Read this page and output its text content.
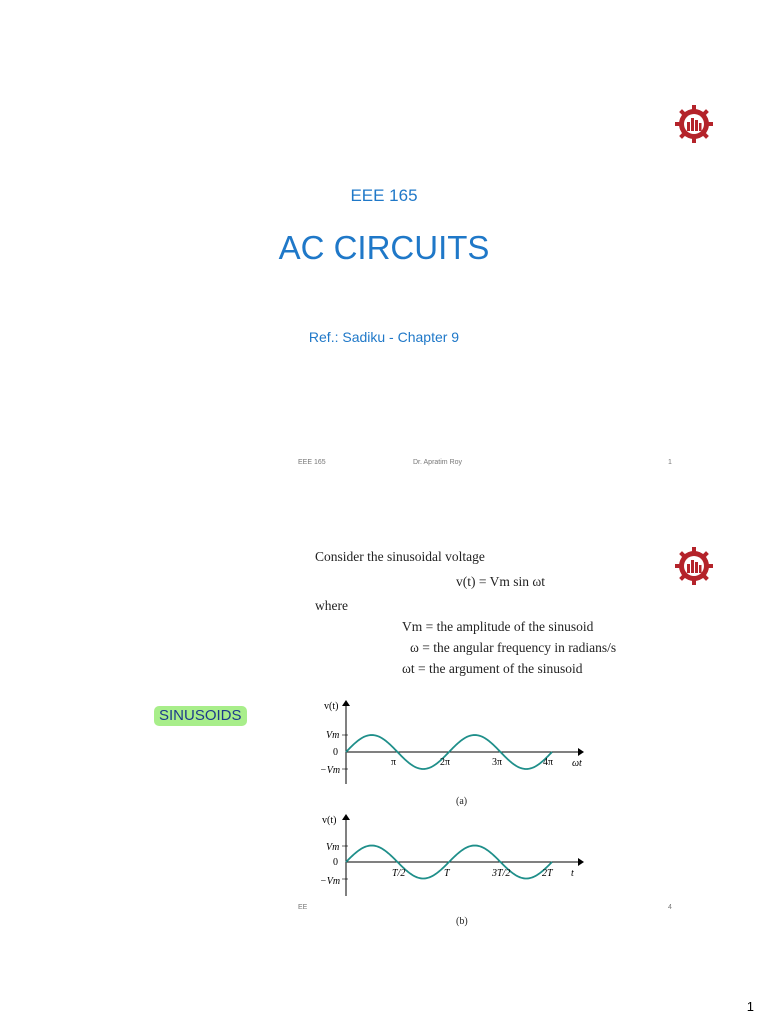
EEE 165
AC CIRCUITS
Ref.: Sadiku - Chapter 9
EEE 165	Dr. Apratim Roy	1
Consider the sinusoidal voltage
v(t) = Vm sin ωt
where
Vm = the amplitude of the sinusoid
ω = the angular frequency in radians/s
ωt = the argument of the sinusoid
SINUSOIDS
v(t)
Vm
0
−Vm
π	2π	3π	4π ωt
(a)
v(t)
Vm
0
−Vm
T/2	T	3T/2	2T t
(b)
EE	4
1
